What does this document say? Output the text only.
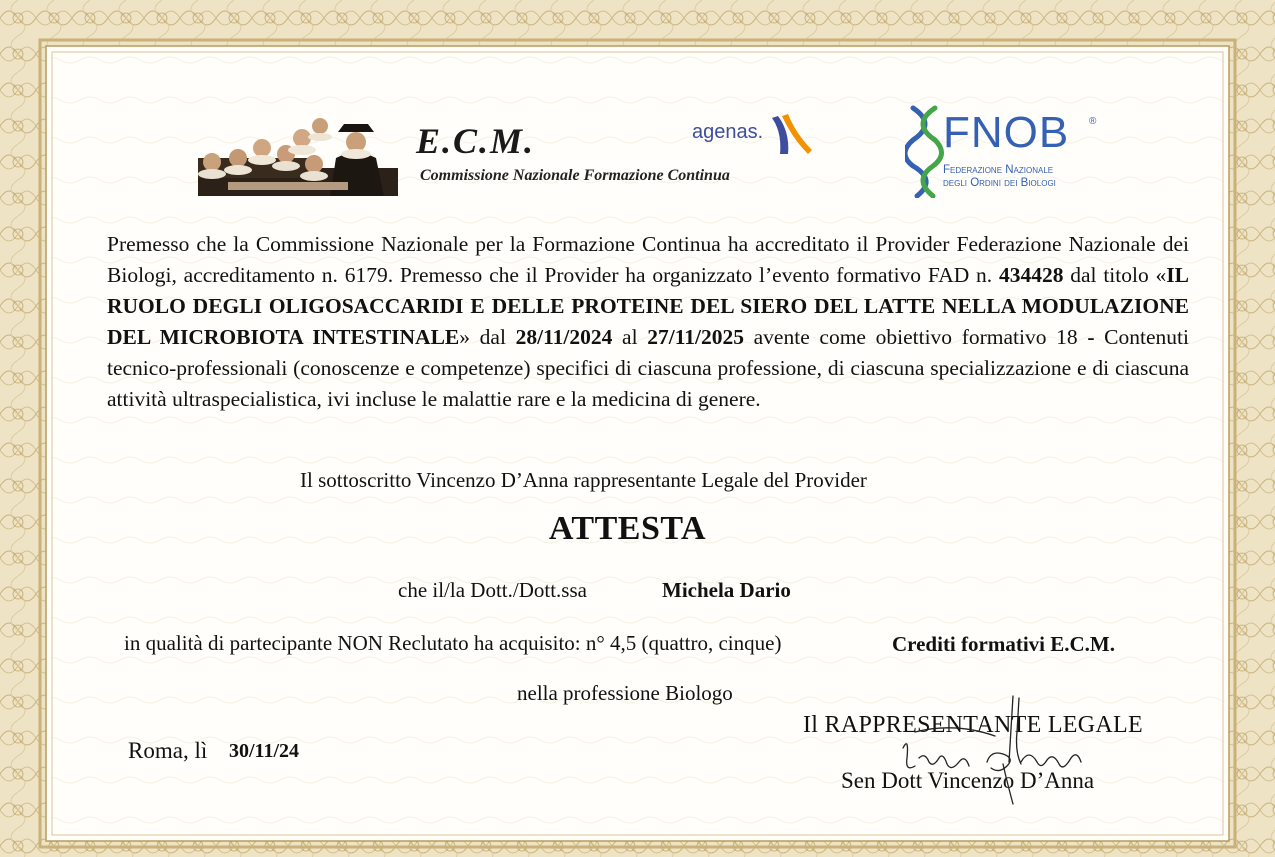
E.C.M.
Commissione Nazionale Formazione Continua
agenas.	FNOB ®
Federazione Nazionale
degli Ordini dei Biologi
Premesso che la Commissione Nazionale per la Formazione Continua ha accreditato il Provider Federazione Nazionale dei Biologi, accreditamento n. 6179. Premesso che il Provider ha organizzato l’evento formativo FAD n. 434428 dal titolo «IL RUOLO DEGLI OLIGOSACCARIDI E DELLE PROTEINE DEL SIERO DEL LATTE NELLA MODULAZIONE DEL MICROBIOTA INTESTINALE» dal 28/11/2024 al 27/11/2025 avente come obiettivo formativo 18 - Contenuti tecnico-professionali (conoscenze e competenze) specifici di ciascuna professione, di ciascuna specializzazione e di ciascuna attività ultraspecialistica, ivi incluse le malattie rare e la medicina di genere.
Il sottoscritto Vincenzo D’Anna rappresentante Legale del Provider
ATTESTA
che il/la Dott./Dott.ssa	Michela Dario
in qualità di partecipante NON Reclutato ha acquisito: n° 4,5 (quattro, cinque)	Crediti formativi E.C.M.
nella professione Biologo
Roma, lì 30/11/24
Il RAPPRESENTANTE LEGALE
Sen Dott Vincenzo D’Anna
